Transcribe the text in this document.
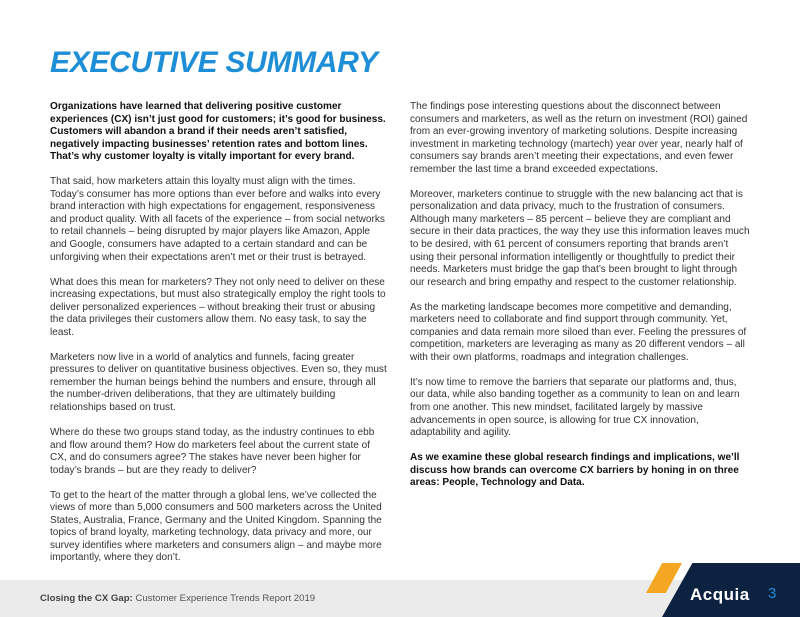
EXECUTIVE SUMMARY

Organizations have learned that delivering positive customer experiences (CX) isn’t just good for customers; it’s good for business. Customers will abandon a brand if their needs aren’t satisfied, negatively impacting businesses’ retention rates and bottom lines. That’s why customer loyalty is vitally important for every brand.

That said, how marketers attain this loyalty must align with the times. Today’s consumer has more options than ever before and walks into every brand interaction with high expectations for engagement, responsiveness and product quality. With all facets of the experience – from social networks to retail channels – being disrupted by major players like Amazon, Apple and Google, consumers have adapted to a certain standard and can be unforgiving when their expectations aren’t met or their trust is betrayed.

What does this mean for marketers? They not only need to deliver on these increasing expectations, but must also strategically employ the right tools to deliver personalized experiences – without breaking their trust or abusing the data privileges their customers allow them. No easy task, to say the least.

Marketers now live in a world of analytics and funnels, facing greater pressures to deliver on quantitative business objectives. Even so, they must remember the human beings behind the numbers and ensure, through all the number-driven deliberations, that they are ultimately building relationships based on trust.

Where do these two groups stand today, as the industry continues to ebb and flow around them? How do marketers feel about the current state of CX, and do consumers agree? The stakes have never been higher for today’s brands – but are they ready to deliver?

To get to the heart of the matter through a global lens, we’ve collected the views of more than 5,000 consumers and 500 marketers across the United States, Australia, France, Germany and the United Kingdom. Spanning the topics of brand loyalty, marketing technology, data privacy and more, our survey identifies where marketers and consumers align – and maybe more importantly, where they don’t.

The findings pose interesting questions about the disconnect between consumers and marketers, as well as the return on investment (ROI) gained from an ever-growing inventory of marketing solutions. Despite increasing investment in marketing technology (martech) year over year, nearly half of consumers say brands aren’t meeting their expectations, and even fewer remember the last time a brand exceeded expectations.

Moreover, marketers continue to struggle with the new balancing act that is personalization and data privacy, much to the frustration of consumers. Although many marketers – 85 percent – believe they are compliant and secure in their data practices, the way they use this information leaves much to be desired, with 61 percent of consumers reporting that brands aren’t using their personal information intelligently or thoughtfully to predict their needs. Marketers must bridge the gap that’s been brought to light through our research and bring empathy and respect to the customer relationship.

As the marketing landscape becomes more competitive and demanding, marketers need to collaborate and find support through community. Yet, companies and data remain more siloed than ever. Feeling the pressures of competition, marketers are leveraging as many as 20 different vendors – all with their own platforms, roadmaps and integration challenges.

It’s now time to remove the barriers that separate our platforms and, thus, our data, while also banding together as a community to lean on and learn from one another. This new mindset, facilitated largely by massive advancements in open source, is allowing for true CX innovation, adaptability and agility.

As we examine these global research findings and implications, we’ll discuss how brands can overcome CX barriers by honing in on three areas: People, Technology and Data.

Closing the CX Gap: Customer Experience Trends Report 2019	Acquia 3
